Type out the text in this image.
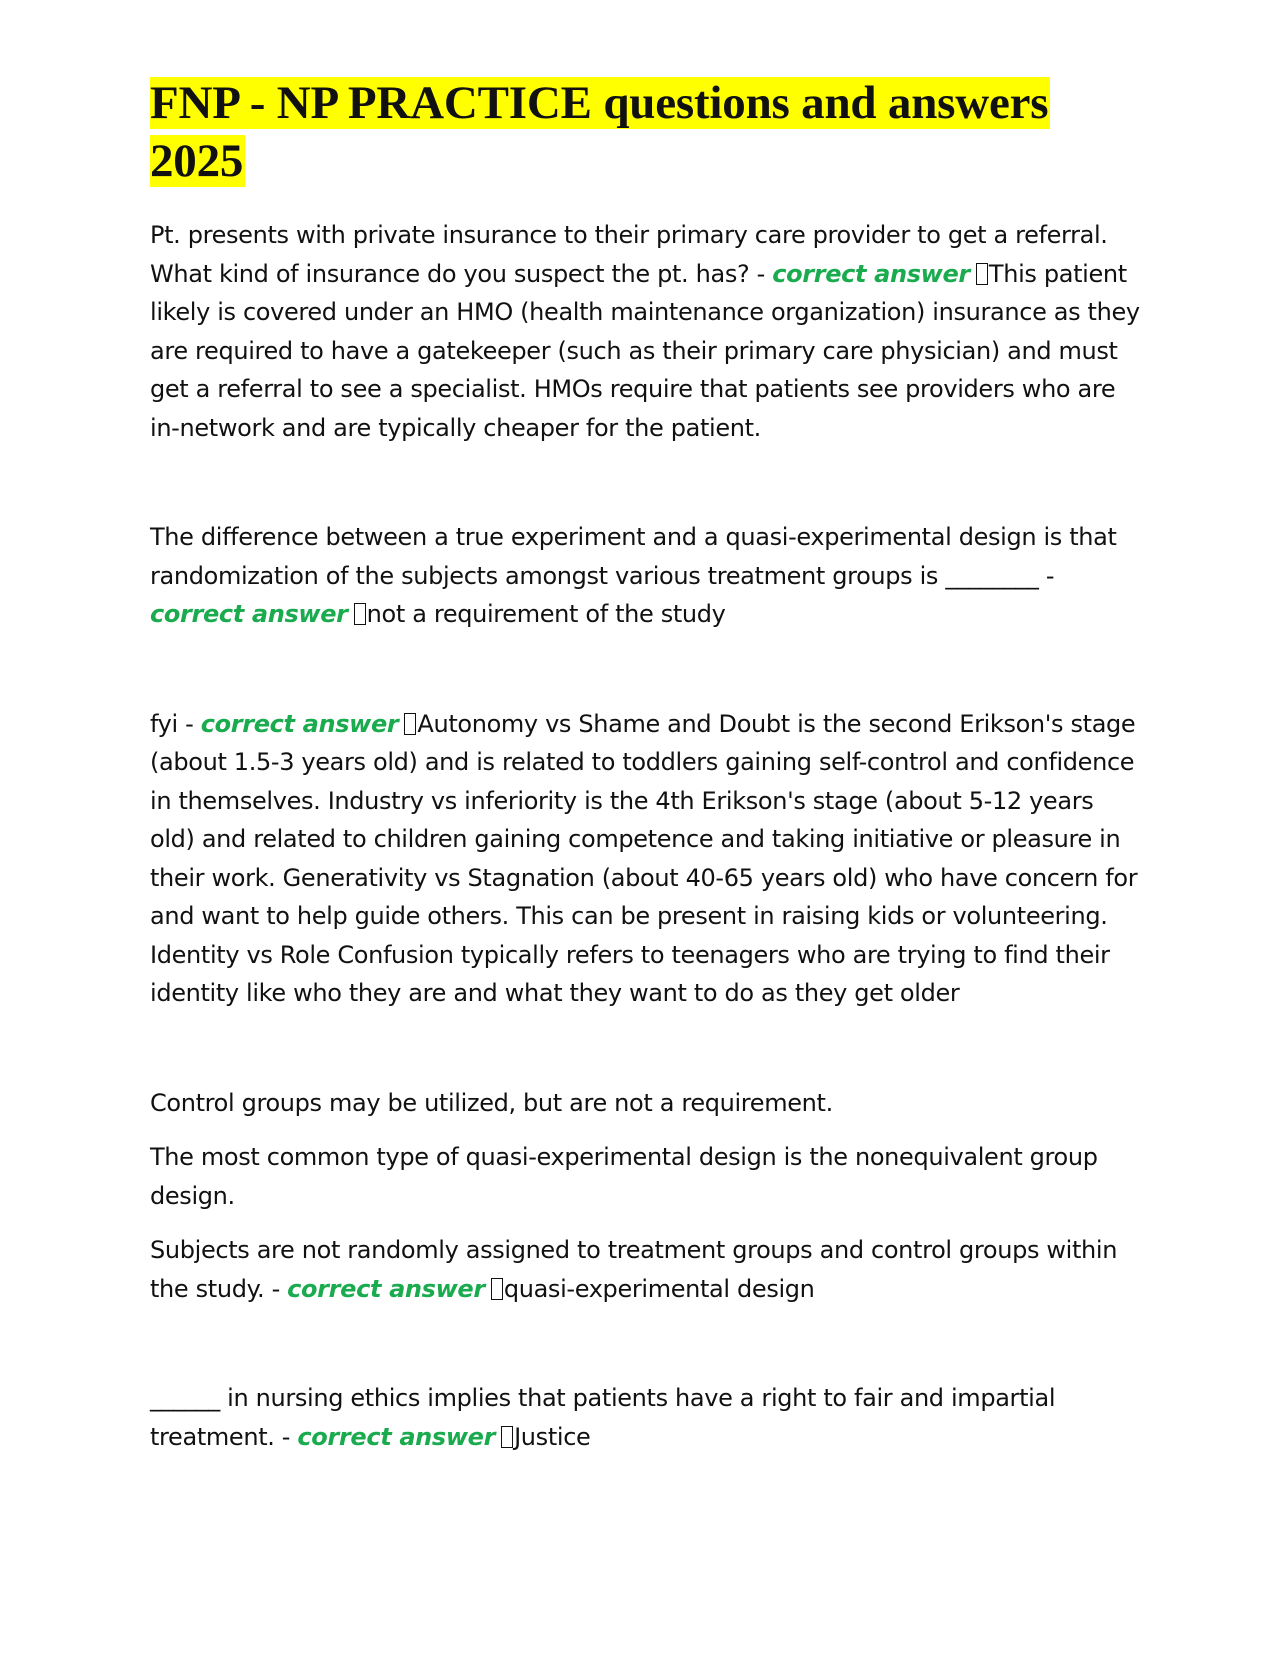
FNP - NP PRACTICE questions and answers 2025

Pt. presents with private insurance to their primary care provider to get a referral. What kind of insurance do you suspect the pt. has? - correct answer This patient likely is covered under an HMO (health maintenance organization) insurance as they are required to have a gatekeeper (such as their primary care physician) and must get a referral to see a specialist. HMOs require that patients see providers who are in-network and are typically cheaper for the patient.

The difference between a true experiment and a quasi-experimental design is that randomization of the subjects amongst various treatment groups is ________ - correct answer not a requirement of the study

fyi - correct answer Autonomy vs Shame and Doubt is the second Erikson's stage (about 1.5-3 years old) and is related to toddlers gaining self-control and confidence in themselves. Industry vs inferiority is the 4th Erikson's stage (about 5-12 years old) and related to children gaining competence and taking initiative or pleasure in their work. Generativity vs Stagnation (about 40-65 years old) who have concern for and want to help guide others. This can be present in raising kids or volunteering. Identity vs Role Confusion typically refers to teenagers who are trying to find their identity like who they are and what they want to do as they get older

Control groups may be utilized, but are not a requirement.

The most common type of quasi-experimental design is the nonequivalent group design.

Subjects are not randomly assigned to treatment groups and control groups within the study. - correct answer quasi-experimental design

______ in nursing ethics implies that patients have a right to fair and impartial treatment. - correct answer Justice
